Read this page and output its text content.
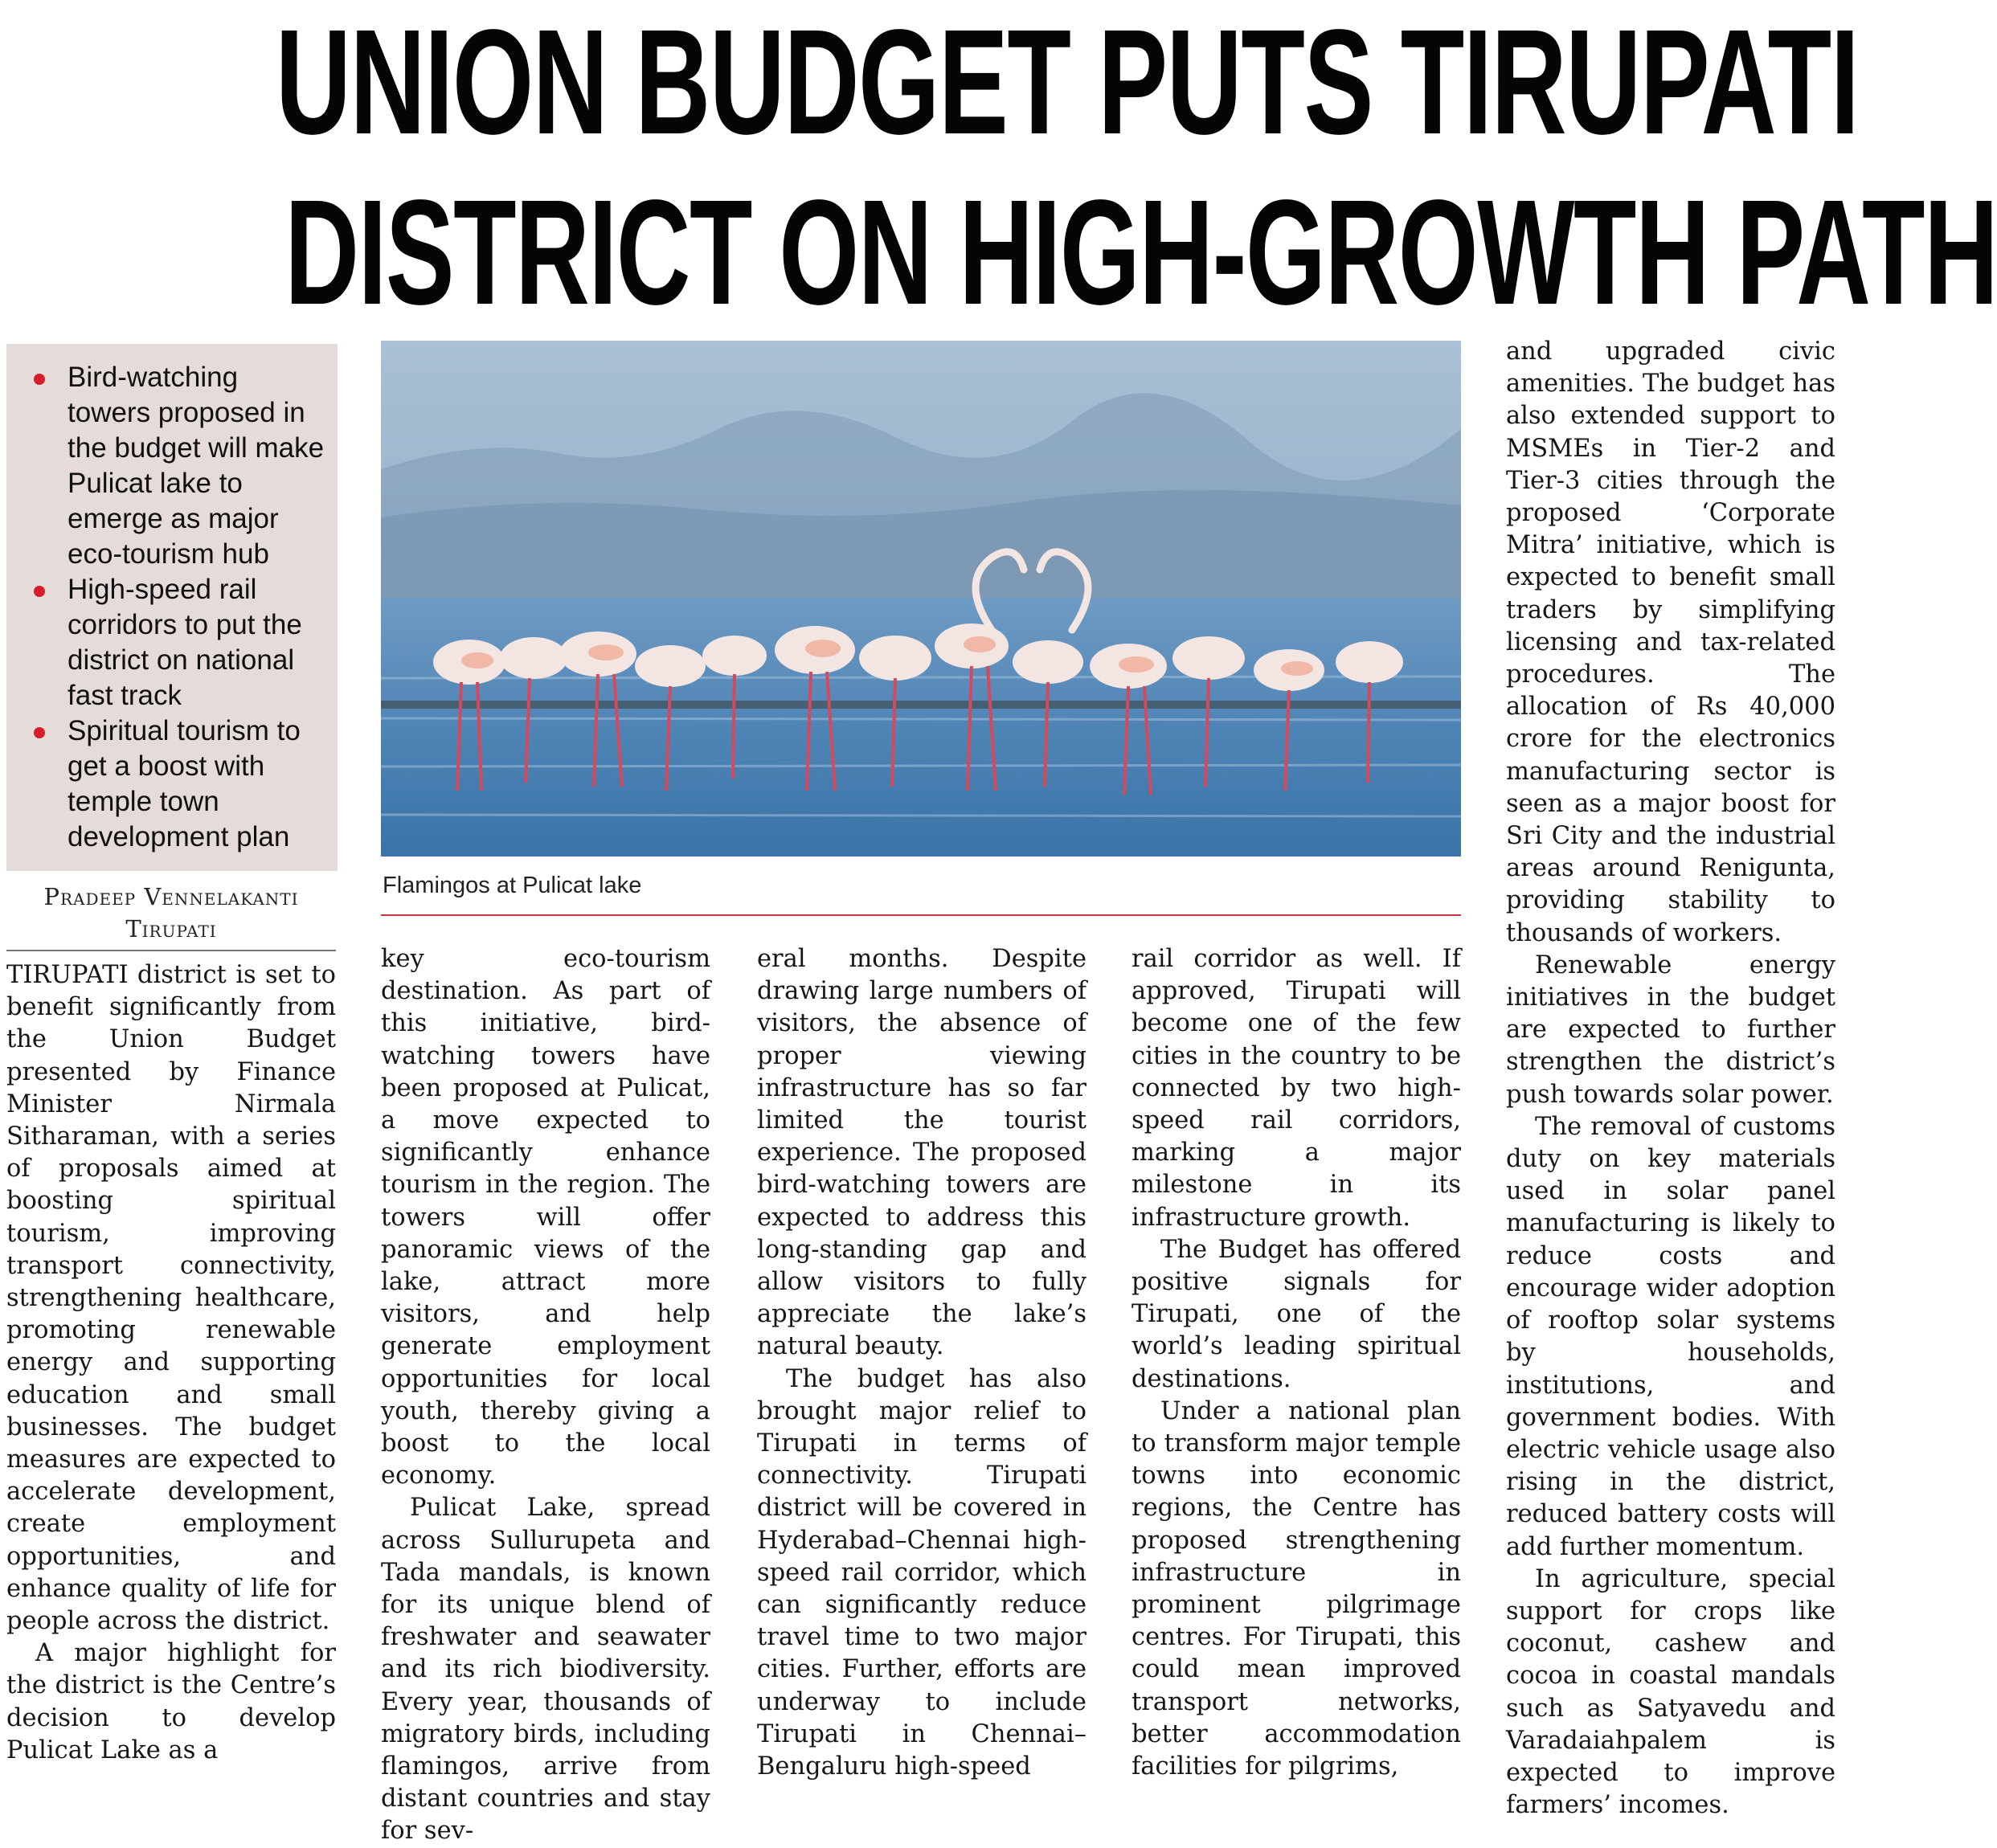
UNION BUDGET PUTS TIRUPATI
DISTRICT ON HIGH-GROWTH PATH
Bird-watching towers proposed in the budget will make Pulicat lake to emerge as major eco-tourism hub
High-speed rail corridors to put the district on national fast track
Spiritual tourism to get a boost with temple town development plan
Pradeep Vennelakanti
Tirupati
Flamingos at Pulicat lake

TIRUPATI district is set to benefit significantly from the Union Budget presented by Finance Minister Nirmala Sitharaman, with a series of proposals aimed at boosting spiritual tourism, improving transport connectivity, strengthening healthcare, promoting renewable energy and supporting education and small businesses. The budget measures are expected to accelerate development, create employment opportunities, and enhance quality of life for people across the district.

A major highlight for the district is the Centre’s decision to develop Pulicat Lake as a

key eco-tourism destination. As part of this initiative, bird-watching towers have been proposed at Pulicat, a move expected to significantly enhance tourism in the region. The towers will offer panoramic views of the lake, attract more visitors, and help generate employment opportunities for local youth, thereby giving a boost to the local economy.

Pulicat Lake, spread across Sullurupeta and Tada mandals, is known for its unique blend of freshwater and seawater and its rich biodiversity. Every year, thousands of migratory birds, including flamingos, arrive from distant countries and stay for sev-

eral months. Despite drawing large numbers of visitors, the absence of proper viewing infrastructure has so far limited the tourist experience. The proposed bird-watching towers are expected to address this long-standing gap and allow visitors to fully appreciate the lake’s natural beauty.

The budget has also brought major relief to Tirupati in terms of connectivity. Tirupati district will be covered in Hyderabad–Chennai high-speed rail corridor, which can significantly reduce travel time to two major cities. Further, efforts are underway to include Tirupati in Chennai–Bengaluru high-speed

rail corridor as well. If approved, Tirupati will become one of the few cities in the country to be connected by two high-speed rail corridors, marking a major milestone in its infrastructure growth.

The Budget has offered positive signals for Tirupati, one of the world’s leading spiritual destinations.

Under a national plan to transform major temple towns into economic regions, the Centre has proposed strengthening infrastructure in prominent pilgrimage centres. For Tirupati, this could mean improved transport networks, better accommodation facilities for pilgrims,

and upgraded civic amenities. The budget has also extended support to MSMEs in Tier-2 and Tier-3 cities through the proposed ‘Corporate Mitra’ initiative, which is expected to benefit small traders by simplifying licensing and tax-related procedures. The allocation of Rs 40,000 crore for the electronics manufacturing sector is seen as a major boost for Sri City and the industrial areas around Renigunta, providing stability to thousands of workers.

Renewable energy initiatives in the budget are expected to further strengthen the district’s push towards solar power.

The removal of customs duty on key materials used in solar panel manufacturing is likely to reduce costs and encourage wider adoption of rooftop solar systems by households, institutions, and government bodies. With electric vehicle usage also rising in the district, reduced battery costs will add further momentum.

In agriculture, special support for crops like coconut, cashew and cocoa in coastal mandals such as Satyavedu and Varadaiahpalem is expected to improve farmers’ incomes.
